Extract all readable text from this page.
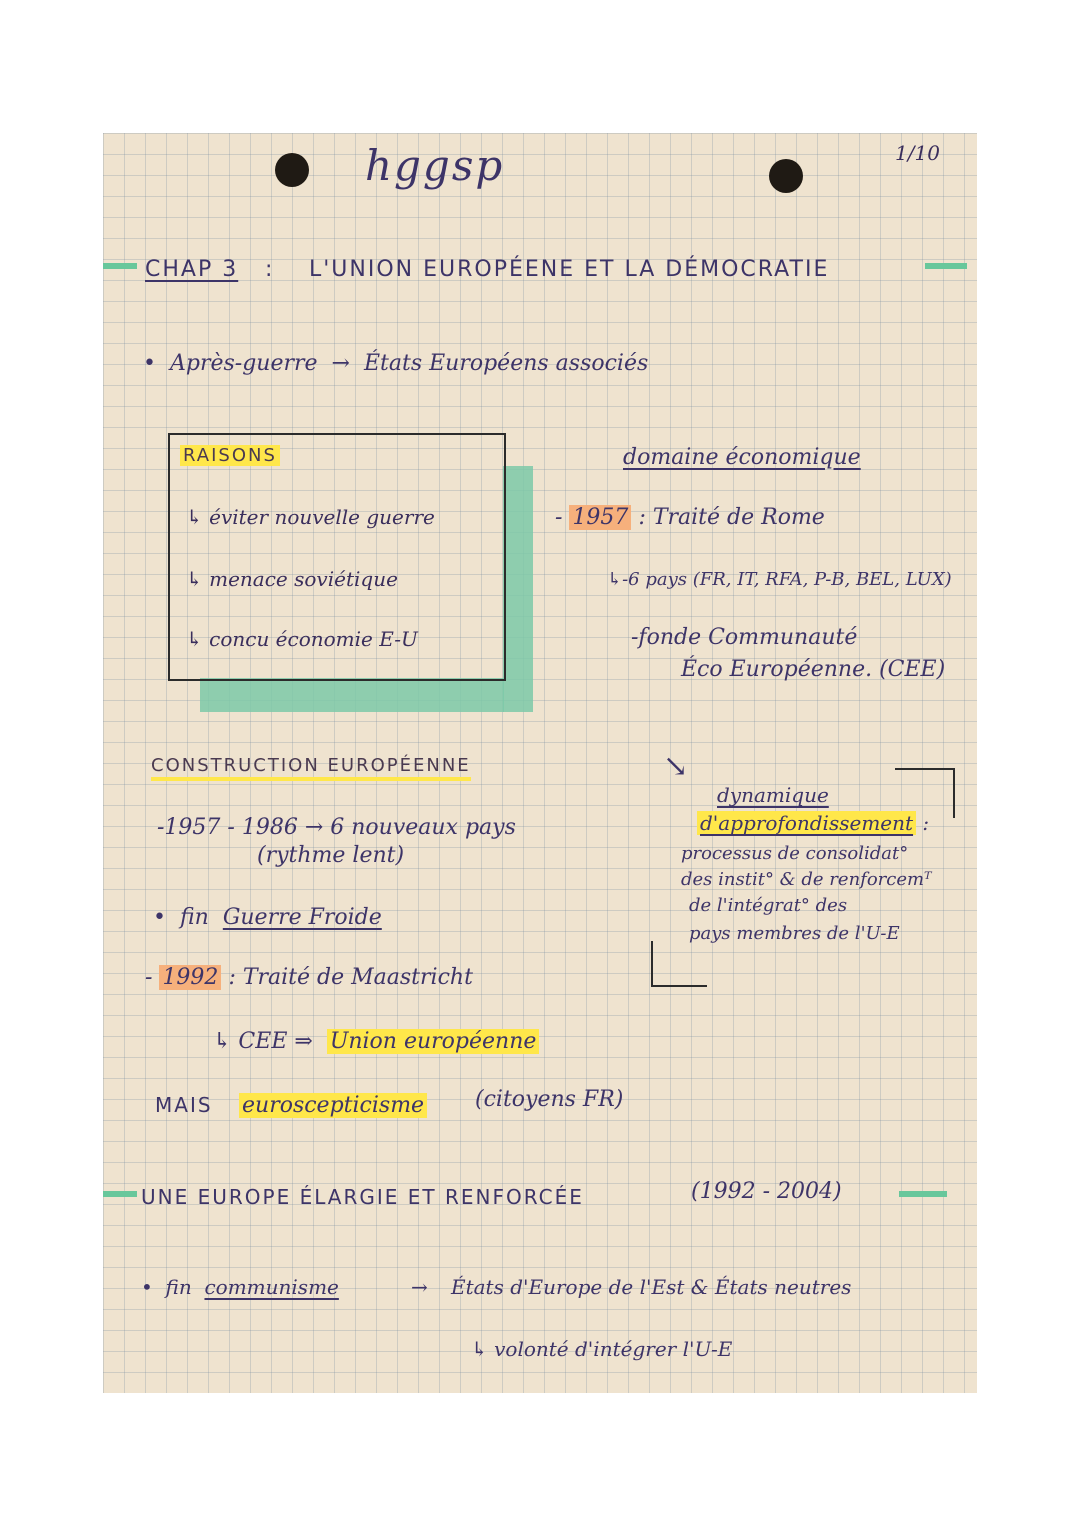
hggsp	1/10
CHAP 3 : L'UNION EUROPÉENE ET LA DÉMOCRATIE
•  Après-guerre → États Européens associés
RAISONS
↳ éviter nouvelle guerre
↳ menace soviétique
↳ concu économie E-U
domaine économique
- 1957 : Traité de Rome
↳-6 pays (FR, IT, RFA, P-B, BEL, LUX)
-fonde Communauté
Éco Européenne. (CEE)
CONSTRUCTION EUROPÉENNE
-1957 - 1986 → 6 nouveaux pays
(rythme lent)
•  fin Guerre Froide
- 1992 : Traité de Maastricht
↳ CEE ⇒ Union européenne
MAIS euroscepticisme (citoyens FR)
↘
dynamique
d'approfondissement :
processus de consolidat°
des instit° & de renforcemᵀ
de l'intégrat° des
pays membres de l'U-E
UNE EUROPE ÉLARGIE ET RENFORCÉE	(1992 - 2004)
•  fin communisme	→ États d'Europe de l'Est & États neutres
↳ volonté d'intégrer l'U-E
